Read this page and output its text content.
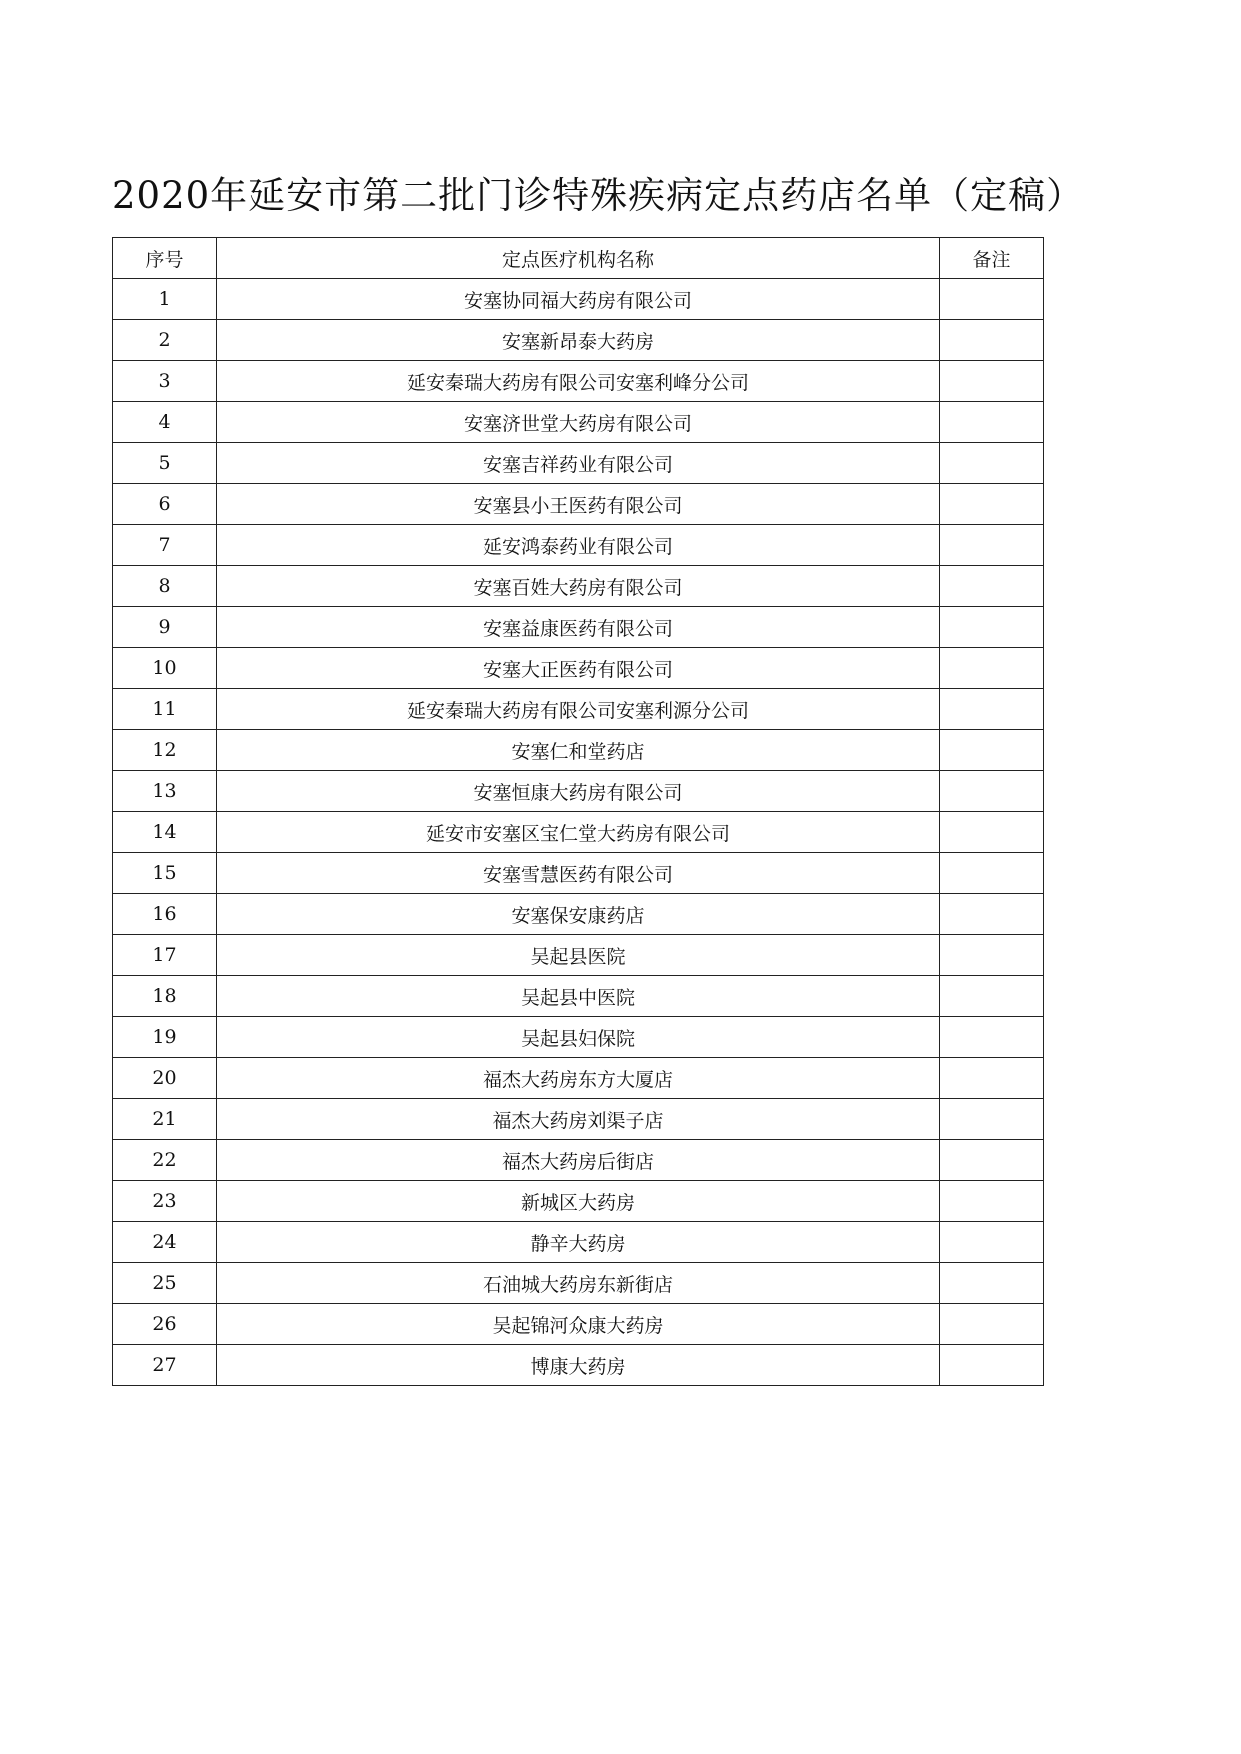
2020年延安市第二批门诊特殊疾病定点药店名单（定稿）
序号	定点医疗机构名称	备注
1	安塞协同福大药房有限公司	
2	安塞新昂泰大药房	
3	延安秦瑞大药房有限公司安塞利峰分公司	
4	安塞济世堂大药房有限公司	
5	安塞吉祥药业有限公司	
6	安塞县小王医药有限公司	
7	延安鸿泰药业有限公司	
8	安塞百姓大药房有限公司	
9	安塞益康医药有限公司	
10	安塞大正医药有限公司	
11	延安秦瑞大药房有限公司安塞利源分公司	
12	安塞仁和堂药店	
13	安塞恒康大药房有限公司	
14	延安市安塞区宝仁堂大药房有限公司	
15	安塞雪慧医药有限公司	
16	安塞保安康药店	
17	吴起县医院	
18	吴起县中医院	
19	吴起县妇保院	
20	福杰大药房东方大厦店	
21	福杰大药房刘渠子店	
22	福杰大药房后街店	
23	新城区大药房	
24	静辛大药房	
25	石油城大药房东新街店	
26	吴起锦河众康大药房	
27	博康大药房	
